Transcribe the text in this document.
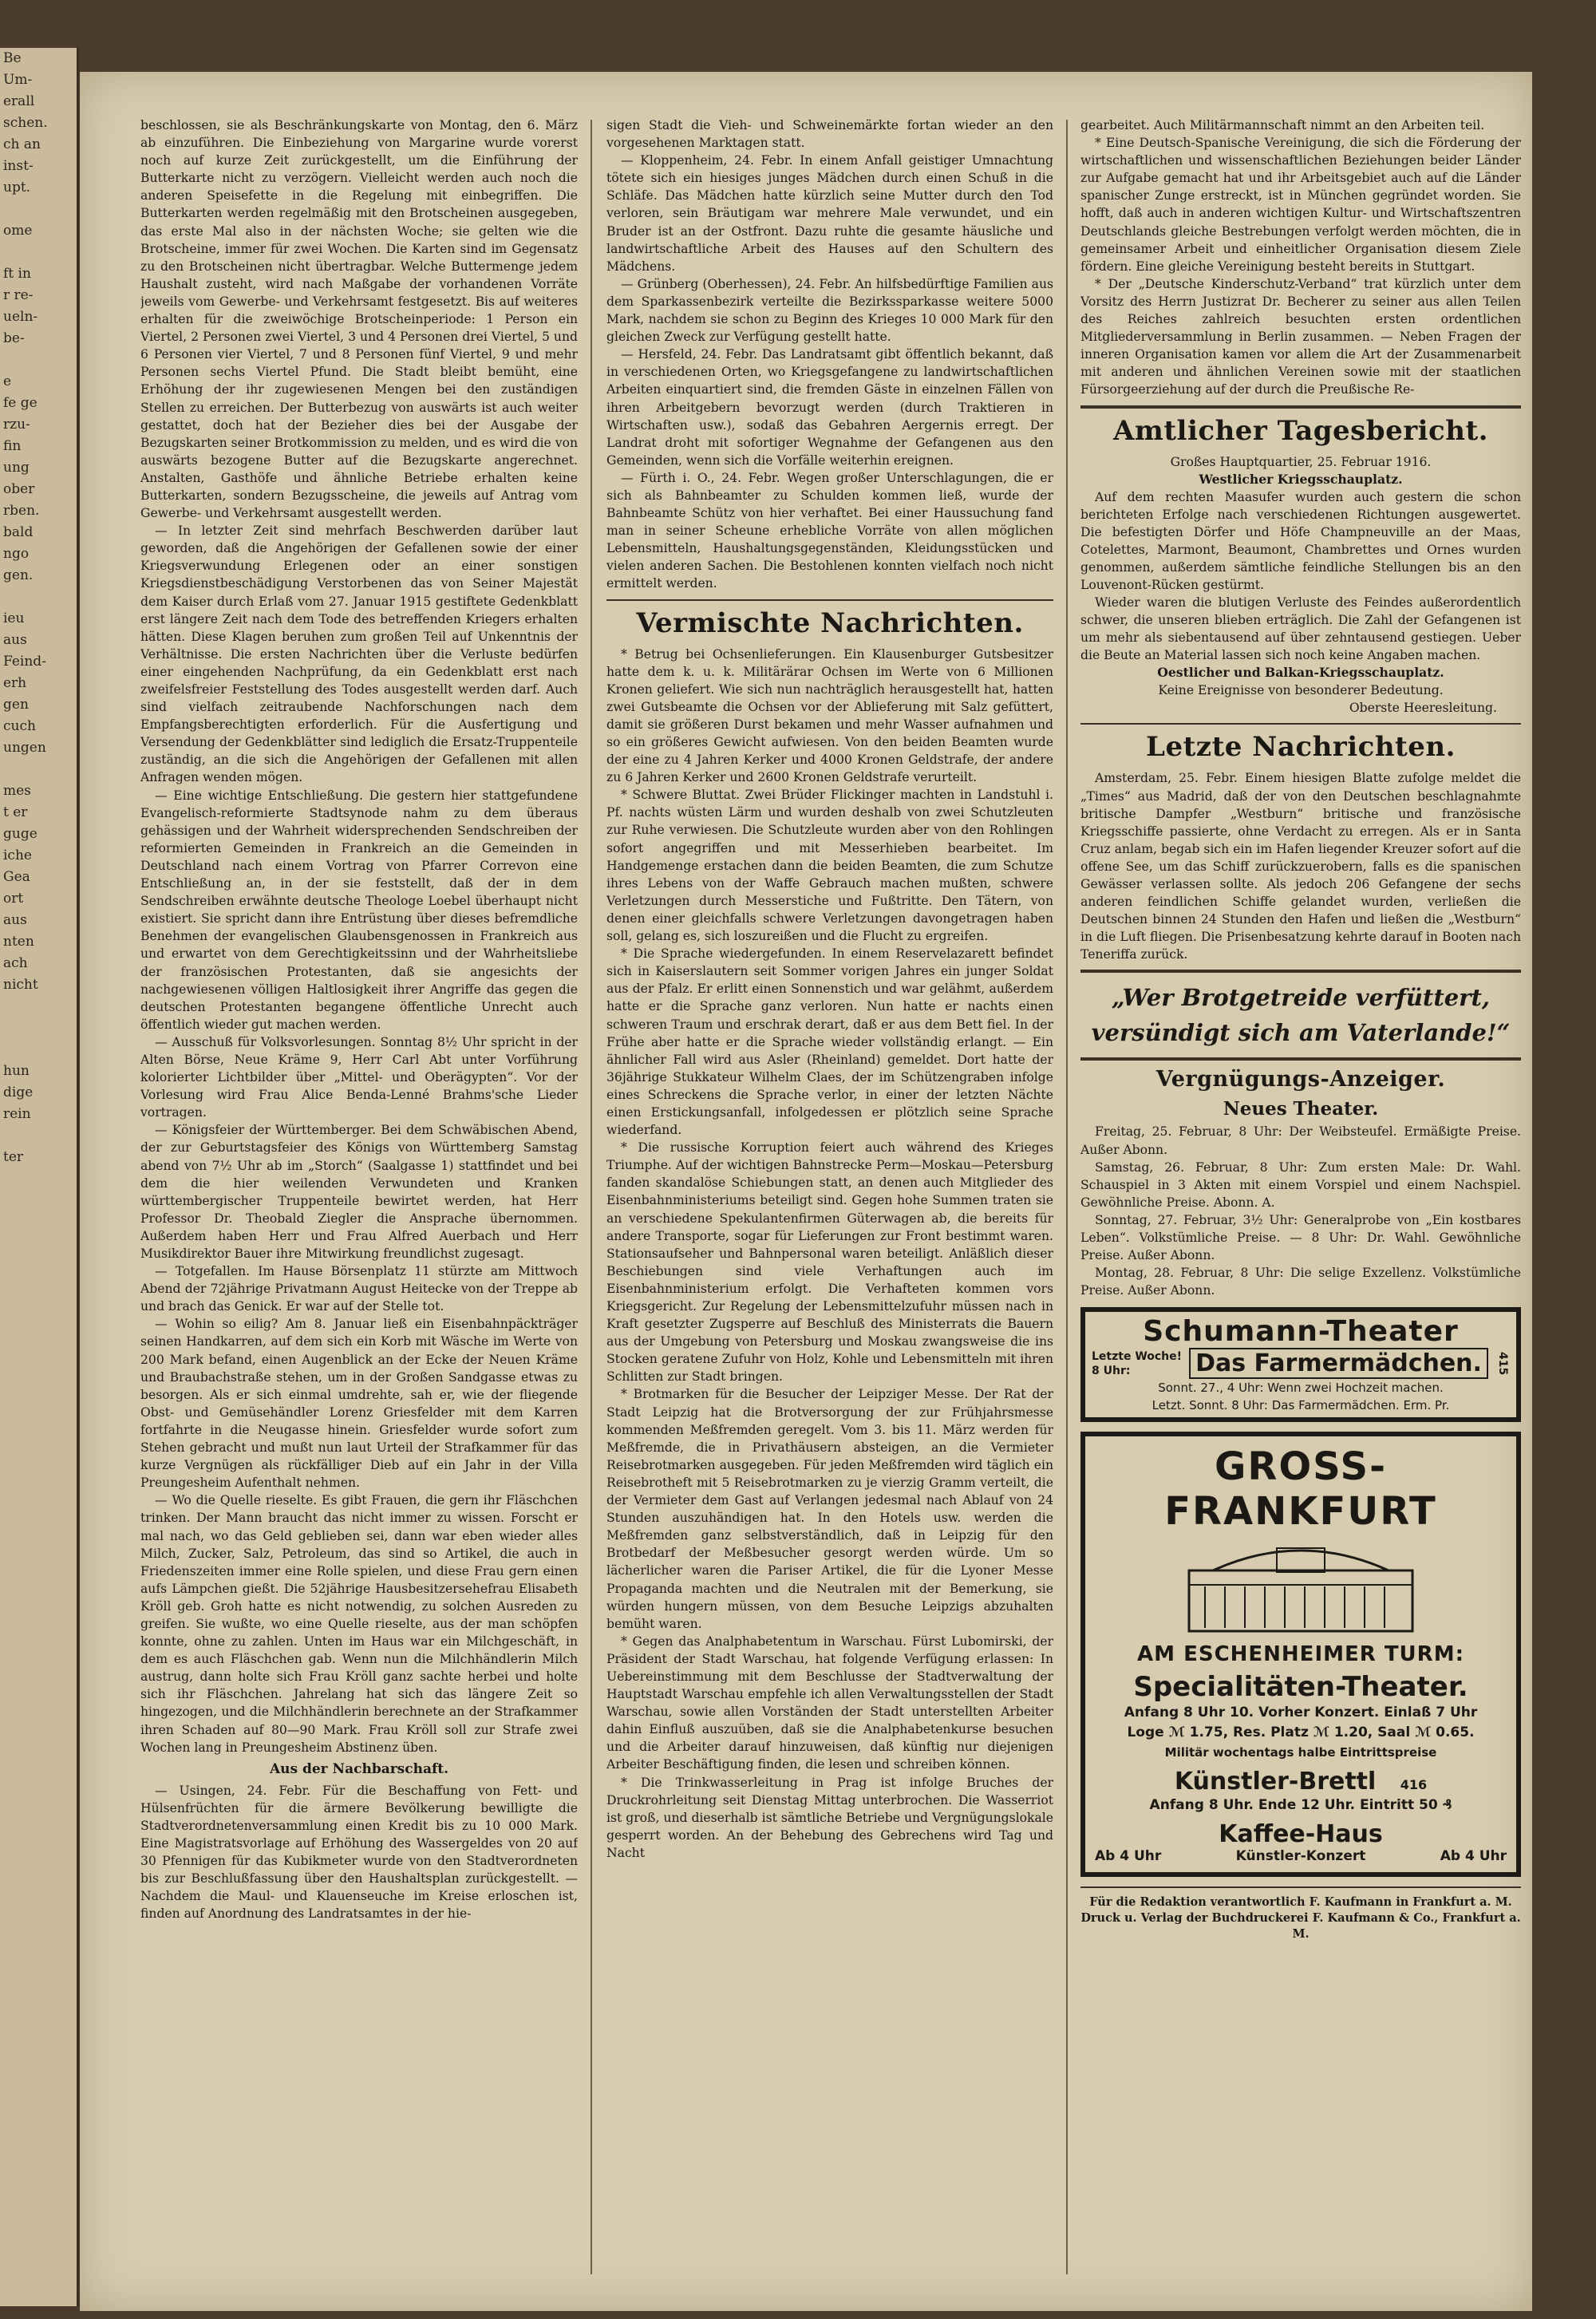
Be
Um-
erall
schen.
ch an
inst-
upt.

ome

ft in
r re-
ueln-
be-

e
fe ge
rzu-
fin
ung
ober
rben.
bald
ngo
gen.

ieu
aus
Feind-
erh
gen
cuch
ungen

mes
t er
guge
iche
Gea
ort
aus
nten
ach
nicht

hun
dige
rein

ter

beschlossen, sie als Beschränkungskarte von Montag, den 6. März ab einzuführen. Die Einbeziehung von Margarine wurde vorerst noch auf kurze Zeit zurückgestellt, um die Einführung der Butterkarte nicht zu verzögern. Vielleicht werden auch noch die anderen Speisefette in die Regelung mit einbegriffen. Die Butterkarten werden regelmäßig mit den Brotscheinen ausgegeben, das erste Mal also in der nächsten Woche; sie gelten wie die Brotscheine, immer für zwei Wochen. Die Karten sind im Gegensatz zu den Brotscheinen nicht übertragbar. Welche Buttermenge jedem Haushalt zusteht, wird nach Maßgabe der vorhandenen Vorräte jeweils vom Gewerbe- und Verkehrsamt festgesetzt. Bis auf weiteres erhalten für die zweiwöchige Brotscheinperiode: 1 Person ein Viertel, 2 Personen zwei Viertel, 3 und 4 Personen drei Viertel, 5 und 6 Personen vier Viertel, 7 und 8 Personen fünf Viertel, 9 und mehr Personen sechs Viertel Pfund. Die Stadt bleibt bemüht, eine Erhöhung der ihr zugewiesenen Mengen bei den zuständigen Stellen zu erreichen. Der Butterbezug von auswärts ist auch weiter gestattet, doch hat der Bezieher dies bei der Ausgabe der Bezugskarten seiner Brotkommission zu melden, und es wird die von auswärts bezogene Butter auf die Bezugskarte angerechnet. Anstalten, Gasthöfe und ähnliche Betriebe erhalten keine Butterkarten, sondern Bezugsscheine, die jeweils auf Antrag vom Gewerbe- und Verkehrsamt ausgestellt werden.

— In letzter Zeit sind mehrfach Beschwerden darüber laut geworden, daß die Angehörigen der Gefallenen sowie der einer Kriegsverwundung Erlegenen oder an einer sonstigen Kriegsdienstbeschädigung Verstorbenen das von Seiner Majestät dem Kaiser durch Erlaß vom 27. Januar 1915 gestiftete Gedenkblatt erst längere Zeit nach dem Tode des betreffenden Kriegers erhalten hätten. Diese Klagen beruhen zum großen Teil auf Unkenntnis der Verhältnisse. Die ersten Nachrichten über die Verluste bedürfen einer eingehenden Nachprüfung, da ein Gedenkblatt erst nach zweifelsfreier Feststellung des Todes ausgestellt werden darf. Auch sind vielfach zeitraubende Nachforschungen nach dem Empfangsberechtigten erforderlich. Für die Ausfertigung und Versendung der Gedenkblätter sind lediglich die Ersatz-Truppenteile zuständig, an die sich die Angehörigen der Gefallenen mit allen Anfragen wenden mögen.

— Eine wichtige Entschließung. Die gestern hier stattgefundene Evangelisch-reformierte Stadtsynode nahm zu dem überaus gehässigen und der Wahrheit widersprechenden Sendschreiben der reformierten Gemeinden in Frankreich an die Gemeinden in Deutschland nach einem Vortrag von Pfarrer Correvon eine Entschließung an, in der sie feststellt, daß der in dem Sendschreiben erwähnte deutsche Theologe Loebel überhaupt nicht existiert. Sie spricht dann ihre Entrüstung über dieses befremdliche Benehmen der evangelischen Glaubensgenossen in Frankreich aus und erwartet von dem Gerechtigkeitssinn und der Wahrheitsliebe der französischen Protestanten, daß sie angesichts der nachgewiesenen völligen Haltlosigkeit ihrer Angriffe das gegen die deutschen Protestanten begangene öffentliche Unrecht auch öffentlich wieder gut machen werden.

— Ausschuß für Volksvorlesungen. Sonntag 8½ Uhr spricht in der Alten Börse, Neue Kräme 9, Herr Carl Abt unter Vorführung kolorierter Lichtbilder über „Mittel- und Oberägypten“. Vor der Vorlesung wird Frau Alice Benda-Lenné Brahms'sche Lieder vortragen.

— Königsfeier der Württemberger. Bei dem Schwäbischen Abend, der zur Geburtstagsfeier des Königs von Württemberg Samstag abend von 7½ Uhr ab im „Storch“ (Saalgasse 1) stattfindet und bei dem die hier weilenden Verwundeten und Kranken württembergischer Truppenteile bewirtet werden, hat Herr Professor Dr. Theobald Ziegler die Ansprache übernommen. Außerdem haben Herr und Frau Alfred Auerbach und Herr Musikdirektor Bauer ihre Mitwirkung freundlichst zugesagt.

— Totgefallen. Im Hause Börsenplatz 11 stürzte am Mittwoch Abend der 72jährige Privatmann August Heitecke von der Treppe ab und brach das Genick. Er war auf der Stelle tot.

— Wohin so eilig? Am 8. Januar ließ ein Eisenbahnpäckträger seinen Handkarren, auf dem sich ein Korb mit Wäsche im Werte von 200 Mark befand, einen Augenblick an der Ecke der Neuen Kräme und Braubachstraße stehen, um in der Großen Sandgasse etwas zu besorgen. Als er sich einmal umdrehte, sah er, wie der fliegende Obst- und Gemüsehändler Lorenz Griesfelder mit dem Karren fortfahrte in die Neugasse hinein. Griesfelder wurde sofort zum Stehen gebracht und mußt nun laut Urteil der Strafkammer für das kurze Vergnügen als rückfälliger Dieb auf ein Jahr in der Villa Preungesheim Aufenthalt nehmen.

— Wo die Quelle rieselte. Es gibt Frauen, die gern ihr Fläschchen trinken. Der Mann braucht das nicht immer zu wissen. Forscht er mal nach, wo das Geld geblieben sei, dann war eben wieder alles Milch, Zucker, Salz, Petroleum, das sind so Artikel, die auch in Friedenszeiten immer eine Rolle spielen, und diese Frau gern einen aufs Lämpchen gießt. Die 52jährige Hausbesitzersehefrau Elisabeth Kröll geb. Groh hatte es nicht notwendig, zu solchen Ausreden zu greifen. Sie wußte, wo eine Quelle rieselte, aus der man schöpfen konnte, ohne zu zahlen. Unten im Haus war ein Milchgeschäft, in dem es auch Fläschchen gab. Wenn nun die Milchhändlerin Milch austrug, dann holte sich Frau Kröll ganz sachte herbei und holte sich ihr Fläschchen. Jahrelang hat sich das längere Zeit so hingezogen, und die Milchhändlerin berechnete an der Strafkammer ihren Schaden auf 80—90 Mark. Frau Kröll soll zur Strafe zwei Wochen lang in Preungesheim Abstinenz üben.

Aus der Nachbarschaft.

— Usingen, 24. Febr. Für die Beschaffung von Fett- und Hülsenfrüchten für die ärmere Bevölkerung bewilligte die Stadtverordnetenversammlung einen Kredit bis zu 10 000 Mark. Eine Magistratsvorlage auf Erhöhung des Wassergeldes von 20 auf 30 Pfennigen für das Kubikmeter wurde von den Stadtverordneten bis zur Beschlußfassung über den Haushaltsplan zurückgestellt. — Nachdem die Maul- und Klauenseuche im Kreise erloschen ist, finden auf Anordnung des Landratsamtes in der hie-

sigen Stadt die Vieh- und Schweinemärkte fortan wieder an den vorgesehenen Marktagen statt.

— Kloppenheim, 24. Febr. In einem Anfall geistiger Umnachtung tötete sich ein hiesiges junges Mädchen durch einen Schuß in die Schläfe. Das Mädchen hatte kürzlich seine Mutter durch den Tod verloren, sein Bräutigam war mehrere Male verwundet, und ein Bruder ist an der Ostfront. Dazu ruhte die gesamte häusliche und landwirtschaftliche Arbeit des Hauses auf den Schultern des Mädchens.

— Grünberg (Oberhessen), 24. Febr. An hilfsbedürftige Familien aus dem Sparkassenbezirk verteilte die Bezirkssparkasse weitere 5000 Mark, nachdem sie schon zu Beginn des Krieges 10 000 Mark für den gleichen Zweck zur Verfügung gestellt hatte.

— Hersfeld, 24. Febr. Das Landratsamt gibt öffentlich bekannt, daß in verschiedenen Orten, wo Kriegsgefangene zu landwirtschaftlichen Arbeiten einquartiert sind, die fremden Gäste in einzelnen Fällen von ihren Arbeitgebern bevorzugt werden (durch Traktieren in Wirtschaften usw.), sodaß das Gebahren Aergernis erregt. Der Landrat droht mit sofortiger Wegnahme der Gefangenen aus den Gemeinden, wenn sich die Vorfälle weiterhin ereignen.

— Fürth i. O., 24. Febr. Wegen großer Unterschlagungen, die er sich als Bahnbeamter zu Schulden kommen ließ, wurde der Bahnbeamte Schütz von hier verhaftet. Bei einer Haussuchung fand man in seiner Scheune erhebliche Vorräte von allen möglichen Lebensmitteln, Haushaltungsgegenständen, Kleidungsstücken und vielen anderen Sachen. Die Bestohlenen konnten vielfach noch nicht ermittelt werden.

Vermischte Nachrichten.

* Betrug bei Ochsenlieferungen. Ein Klausenburger Gutsbesitzer hatte dem k. u. k. Militärärar Ochsen im Werte von 6 Millionen Kronen geliefert. Wie sich nun nachträglich herausgestellt hat, hatten zwei Gutsbeamte die Ochsen vor der Ablieferung mit Salz gefüttert, damit sie größeren Durst bekamen und mehr Wasser aufnahmen und so ein größeres Gewicht aufwiesen. Von den beiden Beamten wurde der eine zu 4 Jahren Kerker und 4000 Kronen Geldstrafe, der andere zu 6 Jahren Kerker und 2600 Kronen Geldstrafe verurteilt.

* Schwere Bluttat. Zwei Brüder Flickinger machten in Landstuhl i. Pf. nachts wüsten Lärm und wurden deshalb von zwei Schutzleuten zur Ruhe verwiesen. Die Schutzleute wurden aber von den Rohlingen sofort angegriffen und mit Messerhieben bearbeitet. Im Handgemenge erstachen dann die beiden Beamten, die zum Schutze ihres Lebens von der Waffe Gebrauch machen mußten, schwere Verletzungen durch Messerstiche und Fußtritte. Den Tätern, von denen einer gleichfalls schwere Verletzungen davongetragen haben soll, gelang es, sich loszureißen und die Flucht zu ergreifen.

* Die Sprache wiedergefunden. In einem Reservelazarett befindet sich in Kaiserslautern seit Sommer vorigen Jahres ein junger Soldat aus der Pfalz. Er erlitt einen Sonnenstich und war gelähmt, außerdem hatte er die Sprache ganz verloren. Nun hatte er nachts einen schweren Traum und erschrak derart, daß er aus dem Bett fiel. In der Frühe aber hatte er die Sprache wieder vollständig erlangt. — Ein ähnlicher Fall wird aus Asler (Rheinland) gemeldet. Dort hatte der 36jährige Stukkateur Wilhelm Claes, der im Schützengraben infolge eines Schreckens die Sprache verlor, in einer der letzten Nächte einen Erstickungsanfall, infolgedessen er plötzlich seine Sprache wiederfand.

* Die russische Korruption feiert auch während des Krieges Triumphe. Auf der wichtigen Bahnstrecke Perm—Moskau—Petersburg fanden skandalöse Schiebungen statt, an denen auch Mitglieder des Eisenbahnministeriums beteiligt sind. Gegen hohe Summen traten sie an verschiedene Spekulantenfirmen Güterwagen ab, die bereits für andere Transporte, sogar für Lieferungen zur Front bestimmt waren. Stationsaufseher und Bahnpersonal waren beteiligt. Anläßlich dieser Beschiebungen sind viele Verhaftungen auch im Eisenbahnministerium erfolgt. Die Verhafteten kommen vors Kriegsgericht. Zur Regelung der Lebensmittelzufuhr müssen nach in Kraft gesetzter Zugsperre auf Beschluß des Ministerrats die Bauern aus der Umgebung von Petersburg und Moskau zwangsweise die ins Stocken geratene Zufuhr von Holz, Kohle und Lebensmitteln mit ihren Schlitten zur Stadt bringen.

* Brotmarken für die Besucher der Leipziger Messe. Der Rat der Stadt Leipzig hat die Brotversorgung der zur Frühjahrsmesse kommenden Meßfremden geregelt. Vom 3. bis 11. März werden für Meßfremde, die in Privathäusern absteigen, an die Vermieter Reisebrotmarken ausgegeben. Für jeden Meßfremden wird täglich ein Reisebrotheft mit 5 Reisebrotmarken zu je vierzig Gramm verteilt, die der Vermieter dem Gast auf Verlangen jedesmal nach Ablauf von 24 Stunden auszuhändigen hat. In den Hotels usw. werden die Meßfremden ganz selbstverständlich, daß in Leipzig für den Brotbedarf der Meßbesucher gesorgt werden würde. Um so lächerlicher waren die Pariser Artikel, die für die Lyoner Messe Propaganda machten und die Neutralen mit der Bemerkung, sie würden hungern müssen, von dem Besuche Leipzigs abzuhalten bemüht waren.

* Gegen das Analphabetentum in Warschau. Fürst Lubomirski, der Präsident der Stadt Warschau, hat folgende Verfügung erlassen: In Uebereinstimmung mit dem Beschlusse der Stadtverwaltung der Hauptstadt Warschau empfehle ich allen Verwaltungsstellen der Stadt Warschau, sowie allen Vorständen der Stadt unterstellten Arbeiter dahin Einfluß auszuüben, daß sie die Analphabetenkurse besuchen und die Arbeiter darauf hinzuweisen, daß künftig nur diejenigen Arbeiter Beschäftigung finden, die lesen und schreiben können.

* Die Trinkwasserleitung in Prag ist infolge Bruches der Druckrohrleitung seit Dienstag Mittag unterbrochen. Die Wasserriot ist groß, und dieserhalb ist sämtliche Betriebe und Vergnügungslokale gesperrt worden. An der Behebung des Gebrechens wird Tag und Nacht

gearbeitet. Auch Militärmannschaft nimmt an den Arbeiten teil.

* Eine Deutsch-Spanische Vereinigung, die sich die Förderung der wirtschaftlichen und wissenschaftlichen Beziehungen beider Länder zur Aufgabe gemacht hat und ihr Arbeitsgebiet auch auf die Länder spanischer Zunge erstreckt, ist in München gegründet worden. Sie hofft, daß auch in anderen wichtigen Kultur- und Wirtschaftszentren Deutschlands gleiche Bestrebungen verfolgt werden möchten, die in gemeinsamer Arbeit und einheitlicher Organisation diesem Ziele fördern. Eine gleiche Vereinigung besteht bereits in Stuttgart.

* Der „Deutsche Kinderschutz-Verband“ trat kürzlich unter dem Vorsitz des Herrn Justizrat Dr. Becherer zu seiner aus allen Teilen des Reiches zahlreich besuchten ersten ordentlichen Mitgliederversammlung in Berlin zusammen. — Neben Fragen der inneren Organisation kamen vor allem die Art der Zusammenarbeit mit anderen und ähnlichen Vereinen sowie mit der staatlichen Fürsorgeerziehung auf der durch die Preußische Re-

Amtlicher Tagesbericht.
Großes Hauptquartier, 25. Februar 1916.
Westlicher Kriegsschauplatz.

Auf dem rechten Maasufer wurden auch gestern die schon berichteten Erfolge nach verschiedenen Richtungen ausgewertet. Die befestigten Dörfer und Höfe Champneuville an der Maas, Cotelettes, Marmont, Beaumont, Chambrettes und Ornes wurden genommen, außerdem sämtliche feindliche Stellungen bis an den Louvenont-Rücken gestürmt.

Wieder waren die blutigen Verluste des Feindes außerordentlich schwer, die unseren blieben erträglich. Die Zahl der Gefangenen ist um mehr als siebentausend auf über zehntausend gestiegen. Ueber die Beute an Material lassen sich noch keine Angaben machen.

Oestlicher und Balkan-Kriegsschauplatz.
Keine Ereignisse von besonderer Bedeutung.
Oberste Heeresleitung.
Letzte Nachrichten.

Amsterdam, 25. Febr. Einem hiesigen Blatte zufolge meldet die „Times“ aus Madrid, daß der von den Deutschen beschlagnahmte britische Dampfer „Westburn“ britische und französische Kriegsschiffe passierte, ohne Verdacht zu erregen. Als er in Santa Cruz anlam, begab sich ein im Hafen liegender Kreuzer sofort auf die offene See, um das Schiff zurückzuerobern, falls es die spanischen Gewässer verlassen sollte. Als jedoch 206 Gefangene der sechs anderen feindlichen Schiffe gelandet wurden, verließen die Deutschen binnen 24 Stunden den Hafen und ließen die „Westburn“ in die Luft fliegen. Die Prisenbesatzung kehrte darauf in Booten nach Teneriffa zurück.

„Wer Brotgetreide verfüttert,
versündigt sich am Vaterlande!“
Vergnügungs-Anzeiger.
Neues Theater.

Freitag, 25. Februar, 8 Uhr: Der Weibsteufel. Ermäßigte Preise. Außer Abonn.

Samstag, 26. Februar, 8 Uhr: Zum ersten Male: Dr. Wahl. Schauspiel in 3 Akten mit einem Vorspiel und einem Nachspiel. Gewöhnliche Preise. Abonn. A.

Sonntag, 27. Februar, 3½ Uhr: Generalprobe von „Ein kostbares Leben“. Volkstümliche Preise. — 8 Uhr: Dr. Wahl. Gewöhnliche Preise. Außer Abonn.

Montag, 28. Februar, 8 Uhr: Die selige Exzellenz. Volkstümliche Preise. Außer Abonn.

Schumann-Theater
Letzte Woche!
8 Uhr:	Das Farmermädchen.	415
Sonnt. 27., 4 Uhr: Wenn zwei Hochzeit machen.
Letzt. Sonnt. 8 Uhr: Das Farmermädchen. Erm. Pr.
GROSS-FRANKFURT
AM ESCHENHEIMER TURM:
Specialitäten-Theater.
Anfang 8 Uhr 10. Vorher Konzert. Einlaß 7 Uhr
Loge ℳ 1.75, Res. Platz ℳ 1.20, Saal ℳ 0.65.
Militär wochentags halbe Eintrittspreise
Künstler-Brettl 416
Anfang 8 Uhr. Ende 12 Uhr. Eintritt 50 ₰
Kaffee-Haus
Ab 4 Uhr	Künstler-Konzert	Ab 4 Uhr
Für die Redaktion verantwortlich F. Kaufmann in Frankfurt a. M.
Druck u. Verlag der Buchdruckerei F. Kaufmann & Co., Frankfurt a. M.
